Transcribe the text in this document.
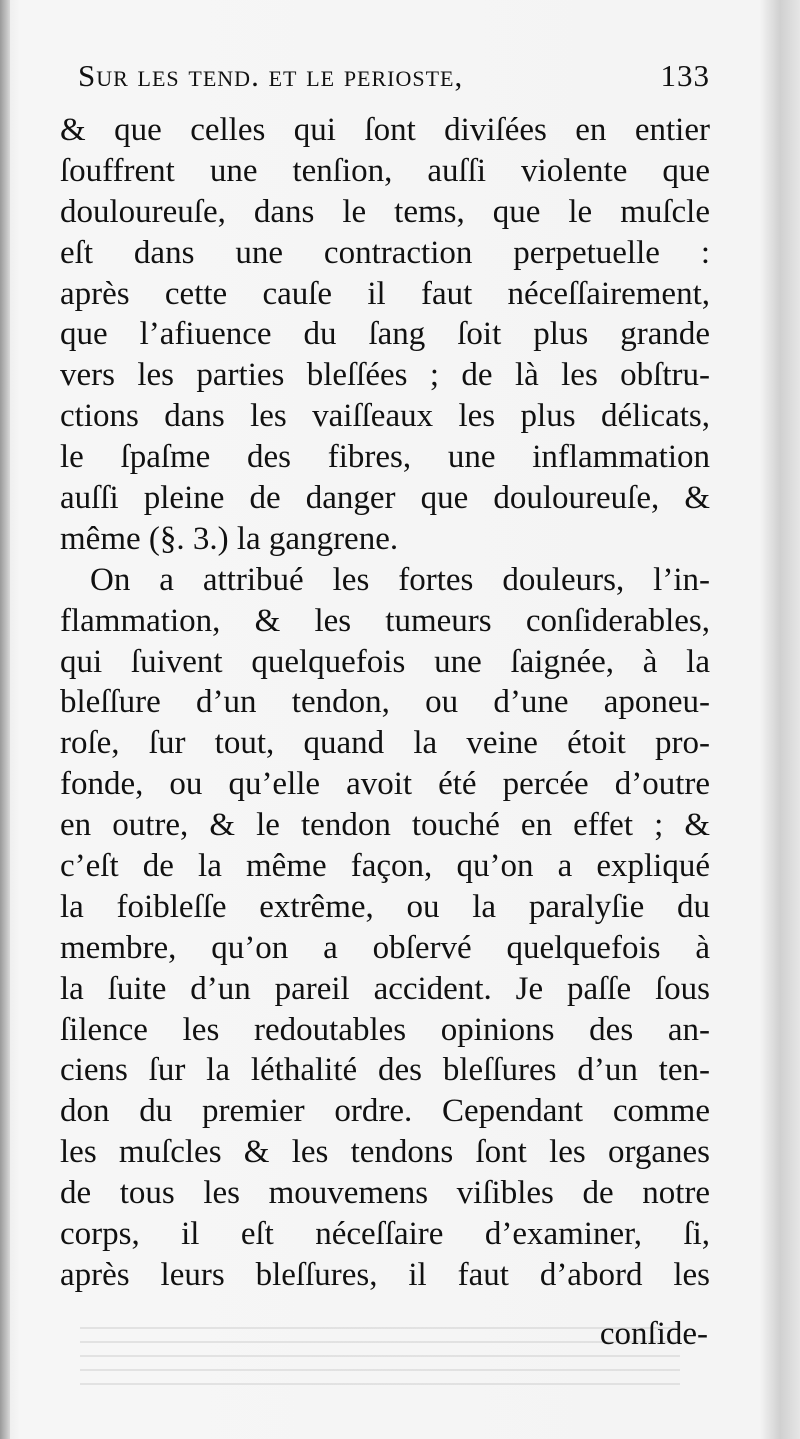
Sur les tend. et le perioste,	133
& que celles qui ſont diviſées en entier
ſouffrent une tenſion, auſſi violente que
douloureuſe, dans le tems, que le muſcle
eſt dans une contraction perpetuelle :
après cette cauſe il faut néceſſairement,
que l’afiuence du ſang ſoit plus grande
vers les parties bleſſées ; de là les obſtru-
ctions dans les vaiſſeaux les plus délicats,
le ſpaſme des fibres, une inflammation
auſſi pleine de danger que douloureuſe, &
même (§. 3.) la gangrene.
On a attribué les fortes douleurs, l’in-
flammation, & les tumeurs conſiderables,
qui ſuivent quelquefois une ſaignée, à la
bleſſure d’un tendon, ou d’une aponeu-
roſe, ſur tout, quand la veine étoit pro-
fonde, ou qu’elle avoit été percée d’outre
en outre, & le tendon touché en effet ; &
c’eſt de la même façon, qu’on a expliqué
la foibleſſe extrême, ou la paralyſie du
membre, qu’on a obſervé quelquefois à
la ſuite d’un pareil accident. Je paſſe ſous
ſilence les redoutables opinions des an-
ciens ſur la léthalité des bleſſures d’un ten-
don du premier ordre. Cependant comme
les muſcles & les tendons ſont les organes
de tous les mouvemens viſibles de notre
corps, il eſt néceſſaire d’examiner, ſi,
après leurs bleſſures, il faut d’abord les
conſide-
